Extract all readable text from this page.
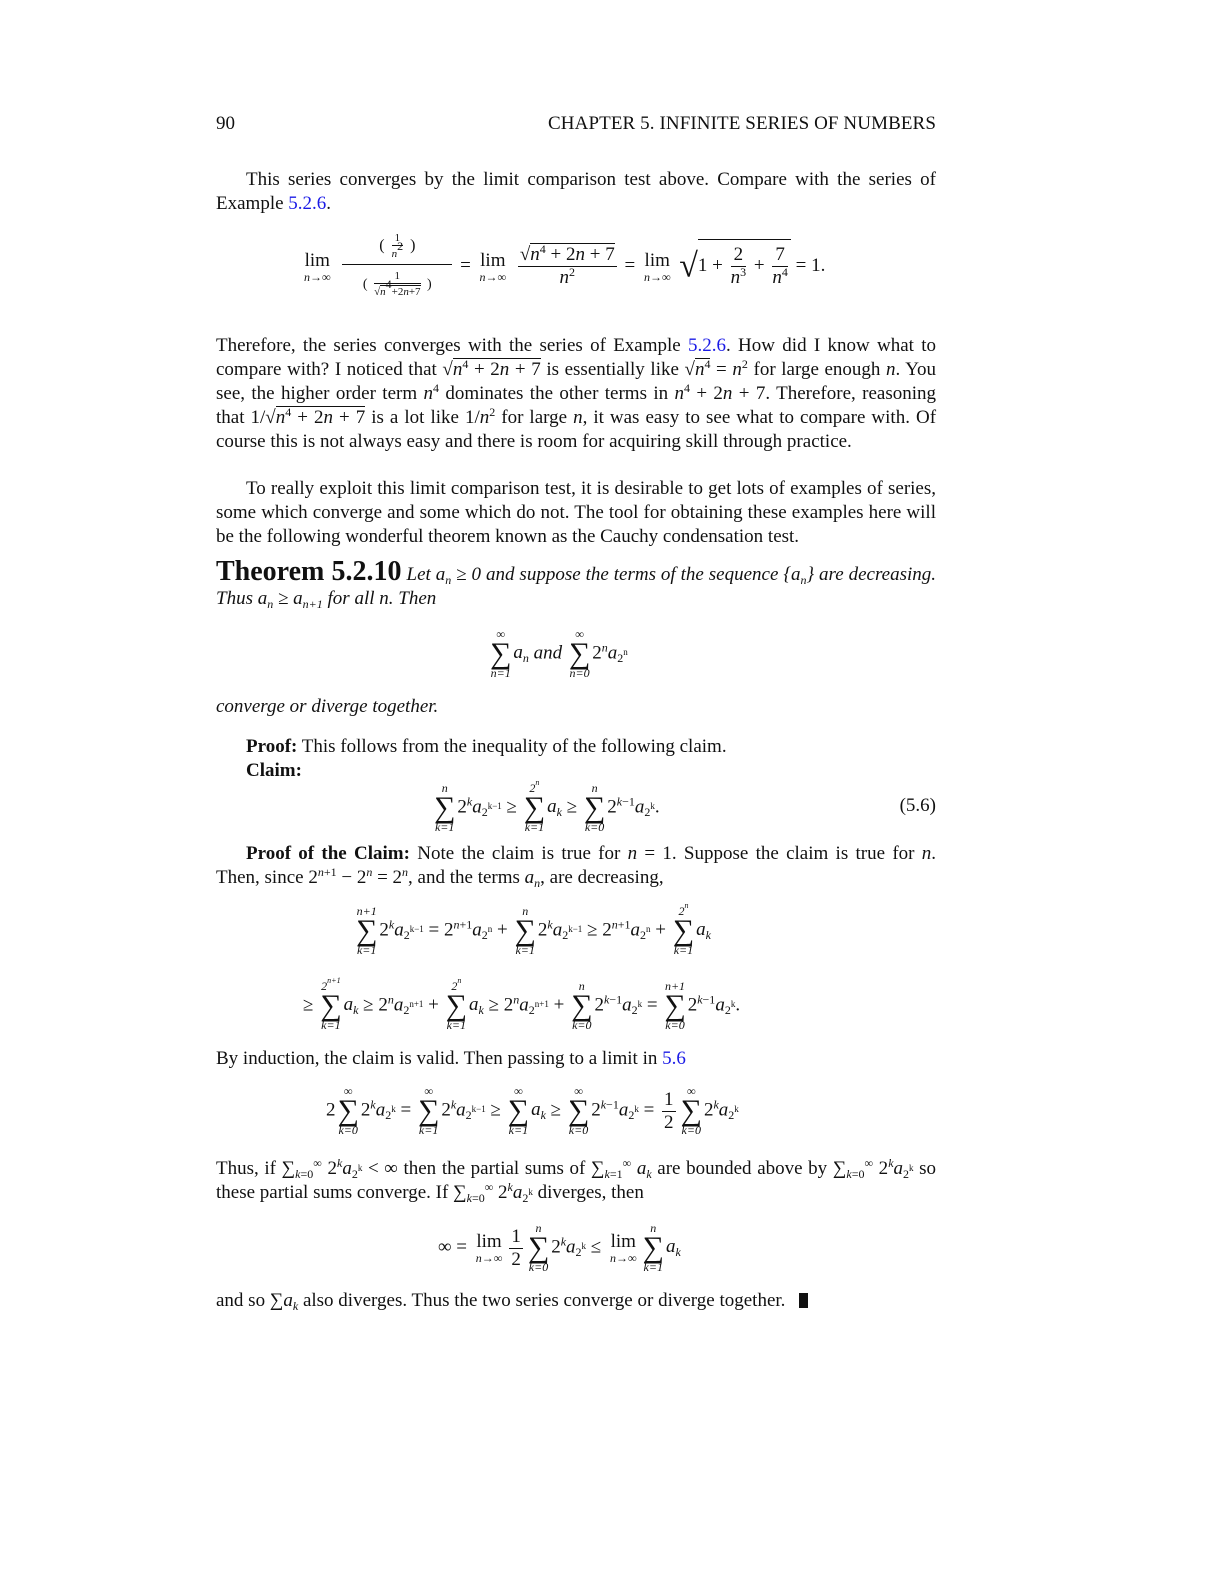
90	CHAPTER 5. INFINITE SERIES OF NUMBERS
This series converges by the limit comparison test above. Compare with the series of Example 5.2.6.
lim
n→∞
$\frac{( \frac{1}{n^2} )}{( \frac{1}{√n^4+2n+7} )} = \lim$
n→∞
$\frac{√n^4 + 2n + 7}{n^2} = \lim$
n→∞ $√1 + \frac{2}{n^3} + \frac{7}{n^4} = 1$.
Therefore, the series converges with the series of Example 5.2.6. How did I know what to compare with? I noticed that $√n^4 + 2n + 7$ is essentially like $√n^4 = n^2$ for large enough n. You see, the higher order term $n^4$ dominates the other terms in $n^4 + 2n + 7$. Therefore, reasoning that $1/√n^4 + 2n + 7$ is a lot like $1/n^2$ for large n, it was easy to see what to compare with. Of course this is not always easy and there is room for acquiring skill through practice.
To really exploit this limit comparison test, it is desirable to get lots of examples of series, some which converge and some which do not. The tool for obtaining these examples here will be the following wonderful theorem known as the Cauchy condensation test.
Theorem 5.2.10 Let $a_n \ge 0$ and suppose the terms of the sequence $\{a_n\}$ are decreasing. Thus $a_n \ge a_{n+1}$ for all n. Then
∞
∑
n=1
$a_n$ and
∞
∑
n=0
$2^na_{2^n}$
converge or diverge together.
Proof: This follows from the inequality of the following claim.
Claim:
n
∑
k=1
$2^ka_{2^{k-1}}$ ≥
2$^n$
∑
k=1
$a_k$ ≥
n
∑
k=0
$2^{k-1}a_{2^k}$.	(5.6)
Proof of the Claim: Note the claim is true for n = 1. Suppose the claim is true for n. Then, since $2^{n+1} - 2^n = 2^n$, and the terms $a_n$, are decreasing,
n+1
∑
k=1
$2^ka_{2^{k-1}} = 2^{n+1}a_{2^n}$ +
n
∑
k=1
$2^ka_{2^{k-1}} \ge 2^{n+1}a_{2^n}$ +
2$^n$
∑
k=1
$a_k$
≥
$2^{n+1}$
∑
k=1
$a_k \ge 2^na_{2^{n+1}}$ +
2$^n$
∑
k=1
$a_k \ge 2^na_{2^{n+1}}$ +
n
∑
k=0
$2^{k-1}a_{2^k}$ =
n+1
∑
k=0
$2^{k-1}a_{2^k}$.
By induction, the claim is valid. Then passing to a limit in 5.6
2
∞
∑
k=0
$2^ka_{2^k}$ =
∞
∑
k=1
$2^ka_{2^{k-1}}$ ≥
∞
∑
k=1
$a_k$ ≥
∞
∑
k=0
$2^{k-1}a_{2^k} = \frac{1}{2}$ ∞
∑
k=0
$2^ka_{2^k}$
Thus, if $\sum_{k=0}^\infty$ $2^ka_{2^k}$ < ∞ then the partial sums of $\sum_{k=1}^\infty$ $a_k$ are bounded above by $\sum_{k=0}^\infty$ $2^ka_{2^k}$ so these partial sums converge. If $\sum_{k=0}^\infty$ $2^ka_{2^k}$ diverges, then
∞ = lim
$n\to\infty \frac{1}{2}$	n
∑
k=0
$2^ka_{2^k} \le \lim$
n→∞
n
∑
k=1
$a_k$
and so $\sum a_k$ also diverges. Thus the two series converge or diverge together.
